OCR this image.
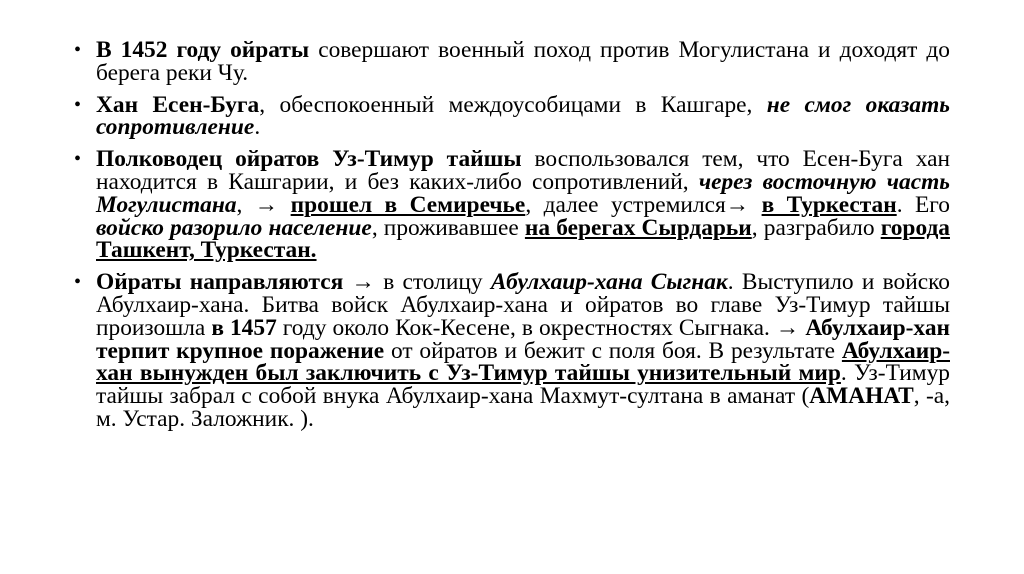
• В 1452 году ойраты совершают военный поход против Могулистана и доходят до берега реки Чу.
• Хан Есен-Буга, обеспокоенный междоусобицами в Кашгаре, не смог оказать сопротивление.
• Полководец ойратов Уз-Тимур тайшы воспользовался тем, что Есен-Буга хан находится в Кашгарии, и без каких-либо сопротивлений, через восточную часть Могулистана, → прошел в Семиречье, далее устремился→ в Туркестан. Его войско разорило население, проживавшее на берегах Сырдарьи, разграбило города Ташкент, Туркестан.
• Ойраты направляются → в столицу Абулхаир-хана Сыгнак. Выступило и войско Абулхаир-хана. Битва войск Абулхаир-хана и ойратов во главе Уз-Тимур тайшы произошла в 1457 году около Кок-Кесене, в окрестностях Сыгнака. → Абулхаир-хан терпит крупное поражение от ойратов и бежит с поля боя. В результате Абулхаир-хан вынужден был заключить с Уз-Тимур тайшы унизительный мир. Уз-Тимур тайшы забрал с собой внука Абулхаир-хана Махмут-султана в аманат (АМАНАТ, -а, м. Устар. Заложник. ).
